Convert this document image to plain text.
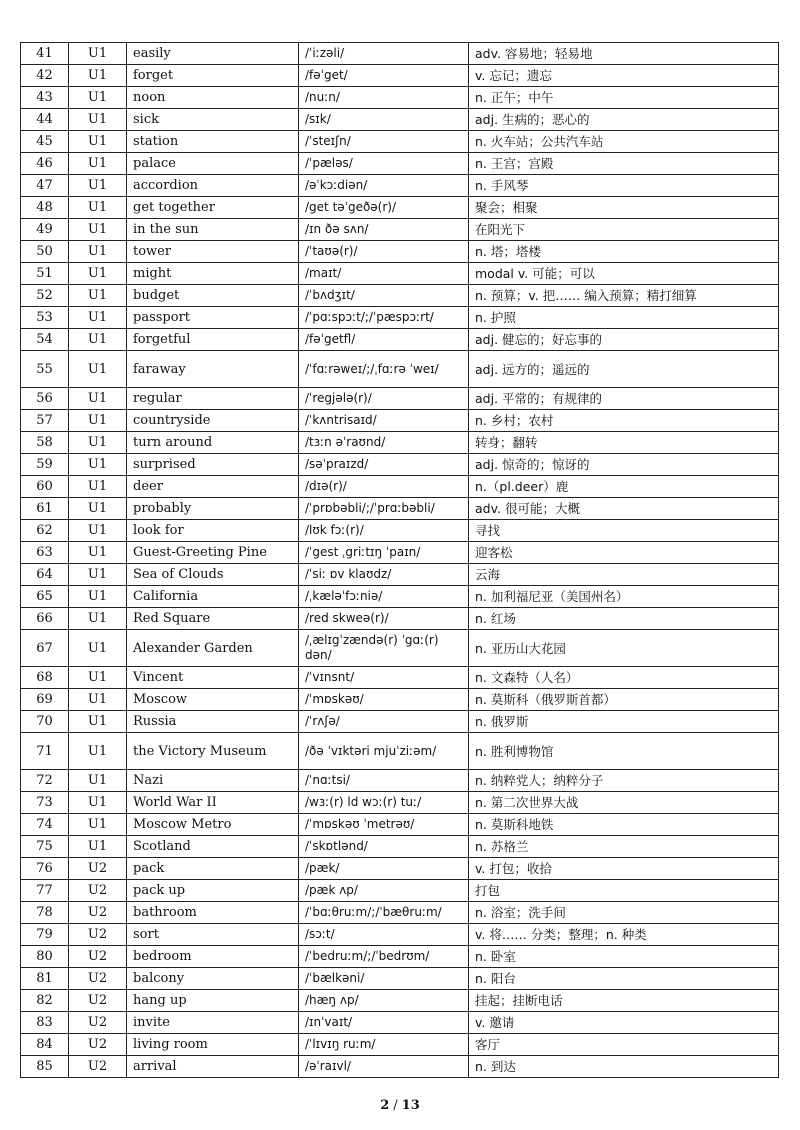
41	U1	easily	/ˈiːzəli/	adv. 容易地；轻易地
42	U1	forget	/fəˈget/	v. 忘记；遗忘
43	U1	noon	/nuːn/	n. 正午；中午
44	U1	sick	/sɪk/	adj. 生病的；恶心的
45	U1	station	/ˈsteɪʃn/	n. 火车站；公共汽车站
46	U1	palace	/ˈpæləs/	n. 王宫；宫殿
47	U1	accordion	/əˈkɔːdiən/	n. 手风琴
48	U1	get together	/get təˈgeðə(r)/	聚会；相聚
49	U1	in the sun	/ɪn ðə sʌn/	在阳光下
50	U1	tower	/ˈtaʊə(r)/	n. 塔；塔楼
51	U1	might	/maɪt/	modal v. 可能；可以
52	U1	budget	/ˈbʌdʒɪt/	n. 预算；v. 把…… 编入预算；精打细算
53	U1	passport	/ˈpɑːspɔːt/;/ˈpæspɔːrt/	n. 护照
54	U1	forgetful	/fəˈgetfl/	adj. 健忘的；好忘事的
55	U1	faraway	/ˈfɑːrəweɪ/;/ˌfɑːrə ˈweɪ/	adj. 远方的；遥远的
56	U1	regular	/ˈregjələ(r)/	adj. 平常的；有规律的
57	U1	countryside	/ˈkʌntrisaɪd/	n. 乡村；农村
58	U1	turn around	/tɜːn əˈraʊnd/	转身；翻转
59	U1	surprised	/səˈpraɪzd/	adj. 惊奇的；惊讶的
60	U1	deer	/dɪə(r)/	n.（pl.deer）鹿
61	U1	probably	/ˈprɒbəbli/;/ˈprɑːbəbli/	adv. 很可能；大概
62	U1	look for	/lʊk fɔː(r)/	寻找
63	U1	Guest-Greeting Pine	/ˈgest ˌgriːtɪŋ ˈpaɪn/	迎客松
64	U1	Sea of Clouds	/ˈsiː ɒv klaʊdz/	云海
65	U1	California	/ˌkæləˈfɔːniə/	n. 加利福尼亚（美国州名）
66	U1	Red Square	/red skweə(r)/	n. 红场
67	U1	Alexander Garden	/ˌælɪgˈzændə(r) ˈgɑː(r) dən/	n. 亚历山大花园
68	U1	Vincent	/ˈvɪnsnt/	n. 文森特（人名）
69	U1	Moscow	/ˈmɒskəʊ/	n. 莫斯科（俄罗斯首都）
70	U1	Russia	/ˈrʌʃə/	n. 俄罗斯
71	U1	the Victory Museum	/ðə ˈvɪktəri mjuˈziːəm/	n. 胜利博物馆
72	U1	Nazi	/ˈnɑːtsi/	n. 纳粹党人；纳粹分子
73	U1	World War II	/wɜː(r) ld wɔː(r) tuː/	n. 第二次世界大战
74	U1	Moscow Metro	/ˈmɒskəʊ ˈmetrəʊ/	n. 莫斯科地铁
75	U1	Scotland	/ˈskɒtlənd/	n. 苏格兰
76	U2	pack	/pæk/	v. 打包；收拾
77	U2	pack up	/pæk ʌp/	打包
78	U2	bathroom	/ˈbɑːθruːm/;/ˈbæθruːm/	n. 浴室；洗手间
79	U2	sort	/sɔːt/	v. 将…… 分类；整理；n. 种类
80	U2	bedroom	/ˈbedruːm/;/ˈbedrʊm/	n. 卧室
81	U2	balcony	/ˈbælkəni/	n. 阳台
82	U2	hang up	/hæŋ ʌp/	挂起；挂断电话
83	U2	invite	/ɪnˈvaɪt/	v. 邀请
84	U2	living room	/ˈlɪvɪŋ ruːm/	客厅
85	U2	arrival	/əˈraɪvl/	n. 到达
2 / 13
